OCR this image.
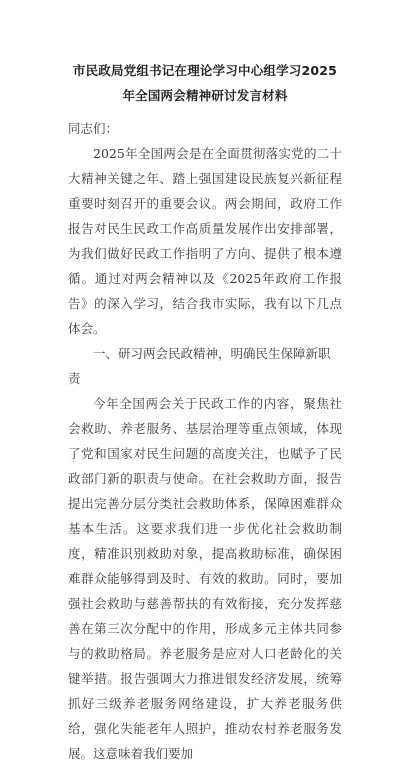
市民政局党组书记在理论学习中心组学习2025年全国两会精神研讨发言材料

同志们：

2025年全国两会是在全面贯彻落实党的二十大精神关键之年、踏上强国建设民族复兴新征程重要时刻召开的重要会议。两会期间，政府工作报告对民生民政工作高质量发展作出安排部署，为我们做好民政工作指明了方向、提供了根本遵循。通过对两会精神以及《2025年政府工作报告》的深入学习，结合我市实际，我有以下几点体会。

一、研习两会民政精神，明确民生保障新职责

今年全国两会关于民政工作的内容，聚焦社会救助、养老服务、基层治理等重点领域，体现了党和国家对民生问题的高度关注，也赋予了民政部门新的职责与使命。在社会救助方面，报告提出完善分层分类社会救助体系，保障困难群众基本生活。这要求我们进一步优化社会救助制度，精准识别救助对象，提高救助标准，确保困难群众能够得到及时、有效的救助。同时，要加强社会救助与慈善帮扶的有效衔接，充分发挥慈善在第三次分配中的作用，形成多元主体共同参与的救助格局。养老服务是应对人口老龄化的关键举措。报告强调大力推进银发经济发展，统筹抓好三级养老服务网络建设，扩大养老服务供给，强化失能老年人照护，推动农村养老服务发展。这意味着我们要加
